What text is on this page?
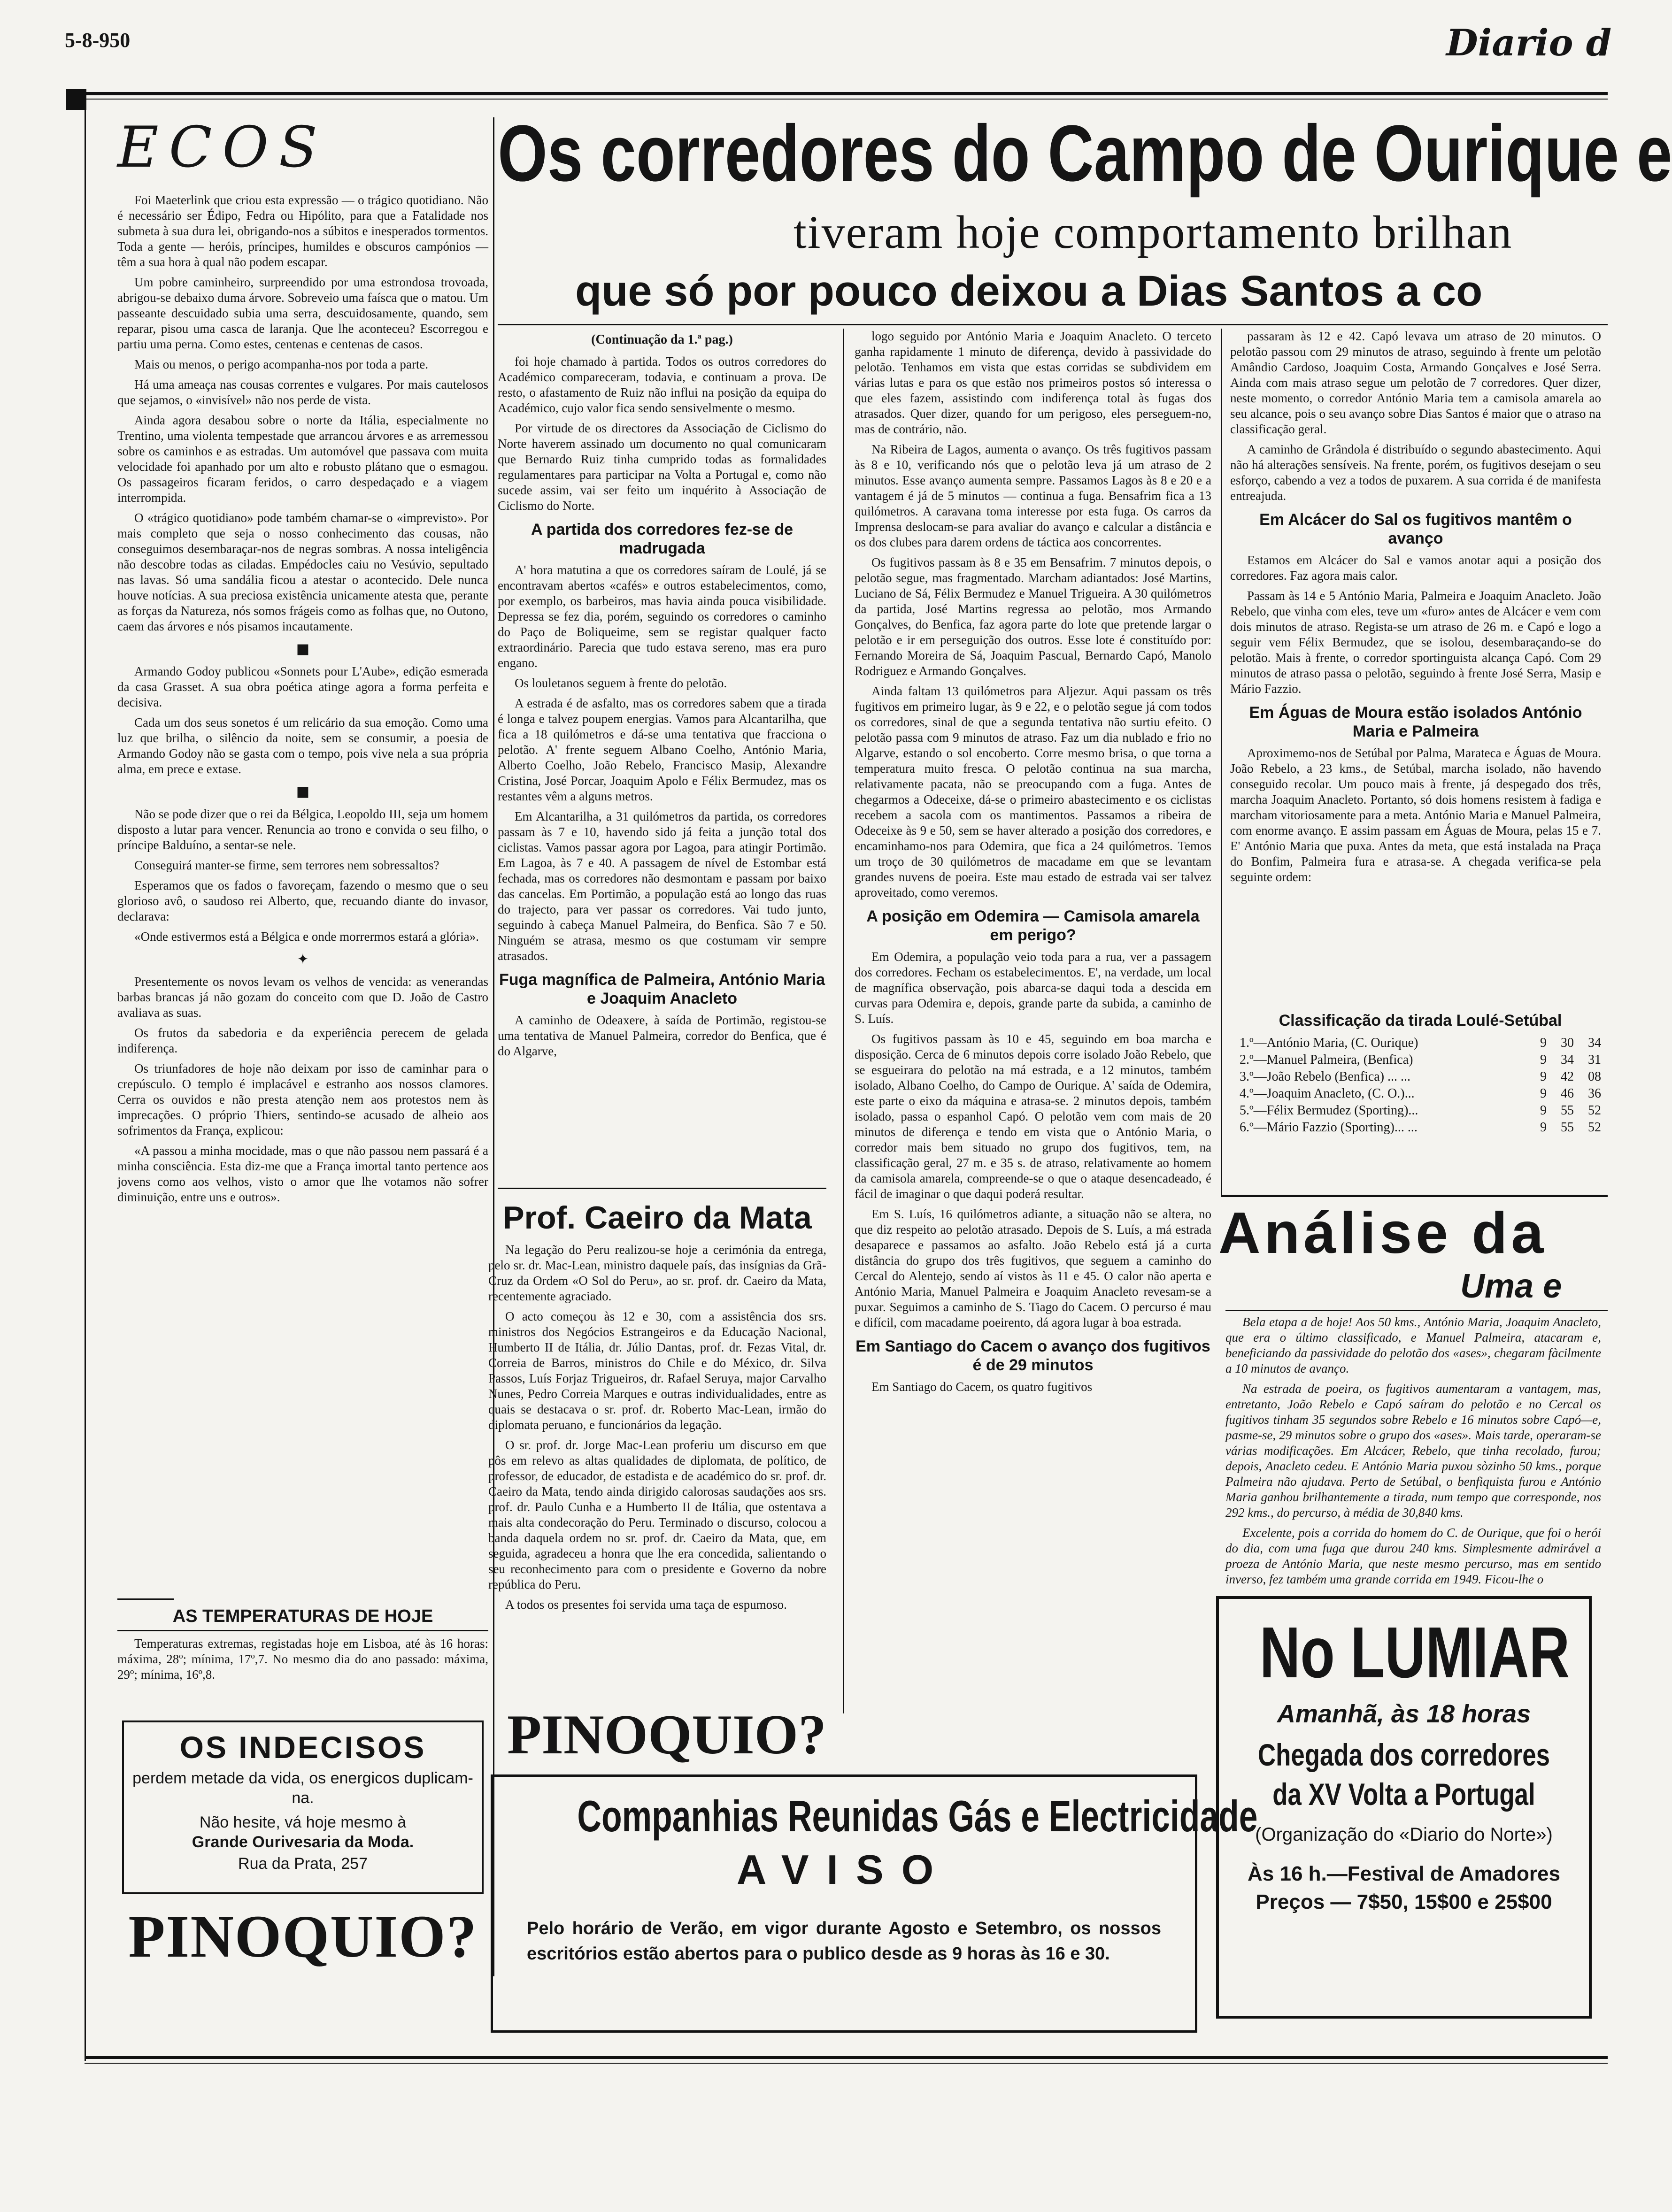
5-8-950	Diario d
ECOS

Foi Maeterlink que criou esta expressão — o trágico quotidiano. Não é necessário ser Édipo, Fedra ou Hipólito, para que a Fatalidade nos submeta à sua dura lei, obrigando-nos a súbitos e inesperados tormentos. Toda a gente — heróis, príncipes, humildes e obscuros campónios — têm a sua hora à qual não podem escapar.

Um pobre caminheiro, surpreendido por uma estrondosa trovoada, abrigou-se debaixo duma árvore. Sobreveio uma faísca que o matou. Um passeante descuidado subia uma serra, descuidosamente, quando, sem reparar, pisou uma casca de laranja. Que lhe aconteceu? Escorregou e partiu uma perna. Como estes, centenas e centenas de casos.

Mais ou menos, o perigo acompanha-nos por toda a parte.

Há uma ameaça nas cousas correntes e vulgares. Por mais cautelosos que sejamos, o «invisível» não nos perde de vista.

Ainda agora desabou sobre o norte da Itália, especialmente no Trentino, uma violenta tempestade que arrancou árvores e as arremessou sobre os caminhos e as estradas. Um automóvel que passava com muita velocidade foi apanhado por um alto e robusto plátano que o esmagou. Os passageiros ficaram feridos, o carro despedaçado e a viagem interrompida.

O «trágico quotidiano» pode também chamar-se o «imprevisto». Por mais completo que seja o nosso conhecimento das cousas, não conseguimos desembaraçar-nos de negras sombras. A nossa inteligência não descobre todas as ciladas. Empédocles caiu no Vesúvio, sepultado nas lavas. Só uma sandália ficou a atestar o acontecido. Dele nunca houve notícias. A sua preciosa existência unicamente atesta que, perante as forças da Natureza, nós somos frágeis como as folhas que, no Outono, caem das árvores e nós pisamos incautamente.

■

Armando Godoy publicou «Sonnets pour L'Aube», edição esmerada da casa Grasset. A sua obra poética atinge agora a forma perfeita e decisiva.

Cada um dos seus sonetos é um relicário da sua emoção. Como uma luz que brilha, o silêncio da noite, sem se consumir, a poesia de Armando Godoy não se gasta com o tempo, pois vive nela a sua própria alma, em prece e extase.

■

Não se pode dizer que o rei da Bélgica, Leopoldo III, seja um homem disposto a lutar para vencer. Renuncia ao trono e convida o seu filho, o príncipe Balduíno, a sentar-se nele.

Conseguirá manter-se firme, sem terrores nem sobressaltos?

Esperamos que os fados o favoreçam, fazendo o mesmo que o seu glorioso avô, o saudoso rei Alberto, que, recuando diante do invasor, declarava:

«Onde estivermos está a Bélgica e onde morrermos estará a glória».

✦

Presentemente os novos levam os velhos de vencida: as venerandas barbas brancas já não gozam do conceito com que D. João de Castro avaliava as suas.

Os frutos da sabedoria e da experiência perecem de gelada indiferença.

Os triunfadores de hoje não deixam por isso de caminhar para o crepúsculo. O templo é implacável e estranho aos nossos clamores. Cerra os ouvidos e não presta atenção nem aos protestos nem às imprecações. O próprio Thiers, sentindo-se acusado de alheio aos sofrimentos da França, explicou:

«A passou a minha mocidade, mas o que não passou nem passará é a minha consciência. Esta diz-me que a França imortal tanto pertence aos jovens como aos velhos, visto o amor que lhe votamos não sofrer diminuição, entre uns e outros».

AS TEMPERATURAS DE HOJE

Temperaturas extremas, registadas hoje em Lisboa, até às 16 horas: máxima, 28º; mínima, 17º,7. No mesmo dia do ano passado: máxima, 29º; mínima, 16º,8.

OS INDECISOS
perdem metade da vida, os energicos duplicam-na.
Não hesite, vá hoje mesmo à
Grande Ourivesaria da Moda.
Rua da Prata, 257
PINOQUIO?
Os corredores do Campo de Ourique e
tiveram hoje comportamento brilhan
que só por pouco deixou a Dias Santos a co
(Continuação da 1.ª pag.)

foi hoje chamado à partida. Todos os outros corredores do Académico compareceram, todavia, e continuam a prova. De resto, o afastamento de Ruiz não influi na posição da equipa do Académico, cujo valor fica sendo sensivelmente o mesmo.

Por virtude de os directores da Associação de Ciclismo do Norte haverem assinado um documento no qual comunicaram que Bernardo Ruiz tinha cumprido todas as formalidades regulamentares para participar na Volta a Portugal e, como não sucede assim, vai ser feito um inquérito à Associação de Ciclismo do Norte.

A partida dos corredores fez-se de madrugada

A' hora matutina a que os corredores saíram de Loulé, já se encontravam abertos «cafés» e outros estabelecimentos, como, por exemplo, os barbeiros, mas havia ainda pouca visibilidade. Depressa se fez dia, porém, seguindo os corredores o caminho do Paço de Boliqueime, sem se registar qualquer facto extraordinário. Parecia que tudo estava sereno, mas era puro engano.

Os louletanos seguem à frente do pelotão.

A estrada é de asfalto, mas os corredores sabem que a tirada é longa e talvez poupem energias. Vamos para Alcantarilha, que fica a 18 quilómetros e dá-se uma tentativa que fracciona o pelotão. A' frente seguem Albano Coelho, António Maria, Alberto Coelho, João Rebelo, Francisco Masip, Alexandre Cristina, José Porcar, Joaquim Apolo e Félix Bermudez, mas os restantes vêm a alguns metros.

Em Alcantarilha, a 31 quilómetros da partida, os corredores passam às 7 e 10, havendo sido já feita a junção total dos ciclistas. Vamos passar agora por Lagoa, para atingir Portimão. Em Lagoa, às 7 e 40. A passagem de nível de Estombar está fechada, mas os corredores não desmontam e passam por baixo das cancelas. Em Portimão, a população está ao longo das ruas do trajecto, para ver passar os corredores. Vai tudo junto, seguindo à cabeça Manuel Palmeira, do Benfica. São 7 e 50. Ninguém se atrasa, mesmo os que costumam vir sempre atrasados.

Fuga magnífica de Palmeira, António Maria e Joaquim Anacleto

A caminho de Odeaxere, à saída de Portimão, registou-se uma tentativa de Manuel Palmeira, corredor do Benfica, que é do Algarve,

Prof. Caeiro da Mata

Na legação do Peru realizou-se hoje a cerimónia da entrega, pelo sr. dr. Mac-Lean, ministro daquele país, das insígnias da Grã-Cruz da Ordem «O Sol do Peru», ao sr. prof. dr. Caeiro da Mata, recentemente agraciado.

O acto começou às 12 e 30, com a assistência dos srs. ministros dos Negócios Estrangeiros e da Educação Nacional, Humberto II de Itália, dr. Júlio Dantas, prof. dr. Fezas Vital, dr. Correia de Barros, ministros do Chile e do México, dr. Silva Passos, Luís Forjaz Trigueiros, dr. Rafael Seruya, major Carvalho Nunes, Pedro Correia Marques e outras individualidades, entre as quais se destacava o sr. prof. dr. Roberto Mac-Lean, irmão do diplomata peruano, e funcionários da legação.

O sr. prof. dr. Jorge Mac-Lean proferiu um discurso em que pôs em relevo as altas qualidades de diplomata, de político, de professor, de educador, de estadista e de académico do sr. prof. dr. Caeiro da Mata, tendo ainda dirigido calorosas saudações aos srs. prof. dr. Paulo Cunha e a Humberto II de Itália, que ostentava a mais alta condecoração do Peru. Terminado o discurso, colocou a banda daquela ordem no sr. prof. dr. Caeiro da Mata, que, em seguida, agradeceu a honra que lhe era concedida, salientando o seu reconhecimento para com o presidente e Governo da nobre república do Peru.

A todos os presentes foi servida uma taça de espumoso.

PINOQUIO?

logo seguido por António Maria e Joaquim Anacleto. O terceto ganha rapidamente 1 minuto de diferença, devido à passividade do pelotão. Tenhamos em vista que estas corridas se subdividem em várias lutas e para os que estão nos primeiros postos só interessa o que eles fazem, assistindo com indiferença total às fugas dos atrasados. Quer dizer, quando for um perigoso, eles perseguem-no, mas de contrário, não.

Na Ribeira de Lagos, aumenta o avanço. Os três fugitivos passam às 8 e 10, verificando nós que o pelotão leva já um atraso de 2 minutos. Esse avanço aumenta sempre. Passamos Lagos às 8 e 20 e a vantagem é já de 5 minutos — continua a fuga. Bensafrim fica a 13 quilómetros. A caravana toma interesse por esta fuga. Os carros da Imprensa deslocam-se para avaliar do avanço e calcular a distância e os dos clubes para darem ordens de táctica aos concorrentes.

Os fugitivos passam às 8 e 35 em Bensafrim. 7 minutos depois, o pelotão segue, mas fragmentado. Marcham adiantados: José Martins, Luciano de Sá, Félix Bermudez e Manuel Trigueira. A 30 quilómetros da partida, José Martins regressa ao pelotão, mos Armando Gonçalves, do Benfica, faz agora parte do lote que pretende largar o pelotão e ir em perseguição dos outros. Esse lote é constituído por: Fernando Moreira de Sá, Joaquim Pascual, Bernardo Capó, Manolo Rodriguez e Armando Gonçalves.

Ainda faltam 13 quilómetros para Aljezur. Aqui passam os três fugitivos em primeiro lugar, às 9 e 22, e o pelotão segue já com todos os corredores, sinal de que a segunda tentativa não surtiu efeito. O pelotão passa com 9 minutos de atraso. Faz um dia nublado e frio no Algarve, estando o sol encoberto. Corre mesmo brisa, o que torna a temperatura muito fresca. O pelotão continua na sua marcha, relativamente pacata, não se preocupando com a fuga. Antes de chegarmos a Odeceixe, dá-se o primeiro abastecimento e os ciclistas recebem a sacola com os mantimentos. Passamos a ribeira de Odeceixe às 9 e 50, sem se haver alterado a posição dos corredores, e encaminhamo-nos para Odemira, que fica a 24 quilómetros. Temos um troço de 30 quilómetros de macadame em que se levantam grandes nuvens de poeira. Este mau estado de estrada vai ser talvez aproveitado, como veremos.

A posição em Odemira — Camisola amarela em perigo?

Em Odemira, a população veio toda para a rua, ver a passagem dos corredores. Fecham os estabelecimentos. E', na verdade, um local de magnífica observação, pois abarca-se daqui toda a descida em curvas para Odemira e, depois, grande parte da subida, a caminho de S. Luís.

Os fugitivos passam às 10 e 45, seguindo em boa marcha e disposição. Cerca de 6 minutos depois corre isolado João Rebelo, que se esgueirara do pelotão na má estrada, e a 12 minutos, também isolado, Albano Coelho, do Campo de Ourique. A' saída de Odemira, este parte o eixo da máquina e atrasa-se. 2 minutos depois, também isolado, passa o espanhol Capó. O pelotão vem com mais de 20 minutos de diferença e tendo em vista que o António Maria, o corredor mais bem situado no grupo dos fugitivos, tem, na classificação geral, 27 m. e 35 s. de atraso, relativamente ao homem da camisola amarela, compreende-se o que o ataque desencadeado, é fácil de imaginar o que daqui poderá resultar.

Em S. Luís, 16 quilómetros adiante, a situação não se altera, no que diz respeito ao pelotão atrasado. Depois de S. Luís, a má estrada desaparece e passamos ao asfalto. João Rebelo está já a curta distância do grupo dos três fugitivos, que seguem a caminho do Cercal do Alentejo, sendo aí vistos às 11 e 45. O calor não aperta e António Maria, Manuel Palmeira e Joaquim Anacleto revesam-se a puxar. Seguimos a caminho de S. Tiago do Cacem. O percurso é mau e difícil, com macadame poeirento, dá agora lugar à boa estrada.

Em Santiago do Cacem o avanço dos fugitivos é de 29 minutos

Em Santiago do Cacem, os quatro fugitivos

passaram às 12 e 42. Capó levava um atraso de 20 minutos. O pelotão passou com 29 minutos de atraso, seguindo à frente um pelotão Amândio Cardoso, Joaquim Costa, Armando Gonçalves e José Serra. Ainda com mais atraso segue um pelotão de 7 corredores. Quer dizer, neste momento, o corredor António Maria tem a camisola amarela ao seu alcance, pois o seu avanço sobre Dias Santos é maior que o atraso na classificação geral.

A caminho de Grândola é distribuído o segundo abastecimento. Aqui não há alterações sensíveis. Na frente, porém, os fugitivos desejam o seu esforço, cabendo a vez a todos de puxarem. A sua corrida é de manifesta entreajuda.

Em Alcácer do Sal os fugitivos mantêm o avanço

Estamos em Alcácer do Sal e vamos anotar aqui a posição dos corredores. Faz agora mais calor.

Passam às 14 e 5 António Maria, Palmeira e Joaquim Anacleto. João Rebelo, que vinha com eles, teve um «furo» antes de Alcácer e vem com dois minutos de atraso. Regista-se um atraso de 26 m. e Capó e logo a seguir vem Félix Bermudez, que se isolou, desembaraçando-se do pelotão. Mais à frente, o corredor sportinguista alcança Capó. Com 29 minutos de atraso passa o pelotão, seguindo à frente José Serra, Masip e Mário Fazzio.

Em Águas de Moura estão isolados António Maria e Palmeira

Aproximemo-nos de Setúbal por Palma, Marateca e Águas de Moura. João Rebelo, a 23 kms., de Setúbal, marcha isolado, não havendo conseguido recolar. Um pouco mais à frente, já despegado dos três, marcha Joaquim Anacleto. Portanto, só dois homens resistem à fadiga e marcham vitoriosamente para a meta. António Maria e Manuel Palmeira, com enorme avanço. E assim passam em Águas de Moura, pelas 15 e 7. E' António Maria que puxa. Antes da meta, que está instalada na Praça do Bonfim, Palmeira fura e atrasa-se. A chegada verifica-se pela seguinte ordem:

Classificação da tirada Loulé-Setúbal
1.º—António Maria, (C. Ourique)	9	30	34
2.º—Manuel Palmeira, (Benfica)	9	34	31
3.º—João Rebelo (Benfica) ... ...	9	42	08
4.º—Joaquim Anacleto, (C. O.)...	9	46	36
5.º—Félix Bermudez (Sporting)...	9	55	52
6.º—Mário Fazzio (Sporting)... ...	9	55	52
Análise da
Uma e

Bela etapa a de hoje! Aos 50 kms., António Maria, Joaquim Anacleto, que era o último classificado, e Manuel Palmeira, atacaram e, beneficiando da passividade do pelotão dos «ases», chegaram fàcilmente a 10 minutos de avanço.

Na estrada de poeira, os fugitivos aumentaram a vantagem, mas, entretanto, João Rebelo e Capó saíram do pelotão e no Cercal os fugitivos tinham 35 segundos sobre Rebelo e 16 minutos sobre Capó—e, pasme-se, 29 minutos sobre o grupo dos «ases». Mais tarde, operaram-se várias modificações. Em Alcácer, Rebelo, que tinha recolado, furou; depois, Anacleto cedeu. E António Maria puxou sòzinho 50 kms., porque Palmeira não ajudava. Perto de Setúbal, o benfiquista furou e António Maria ganhou brilhantemente a tirada, num tempo que corresponde, nos 292 kms., do percurso, à média de 30,840 kms.

Excelente, pois a corrida do homem do C. de Ourique, que foi o herói do dia, com uma fuga que durou 240 kms. Simplesmente admirável a proeza de António Maria, que neste mesmo percurso, mas em sentido inverso, fez também uma grande corrida em 1949. Ficou-lhe o

Companhias Reunidas Gás e Electricidade
AVISO
Pelo horário de Verão, em vigor durante Agosto e Setembro, os nossos escritórios estão abertos para o publico desde as 9 horas às 16 e 30.
No LUMIAR
Amanhã, às 18 horas
Chegada dos corredores
da XV Volta a Portugal
(Organização do «Diario do Norte»)
Às 16 h.—Festival de Amadores
Preços — 7$50, 15$00 e 25$00
